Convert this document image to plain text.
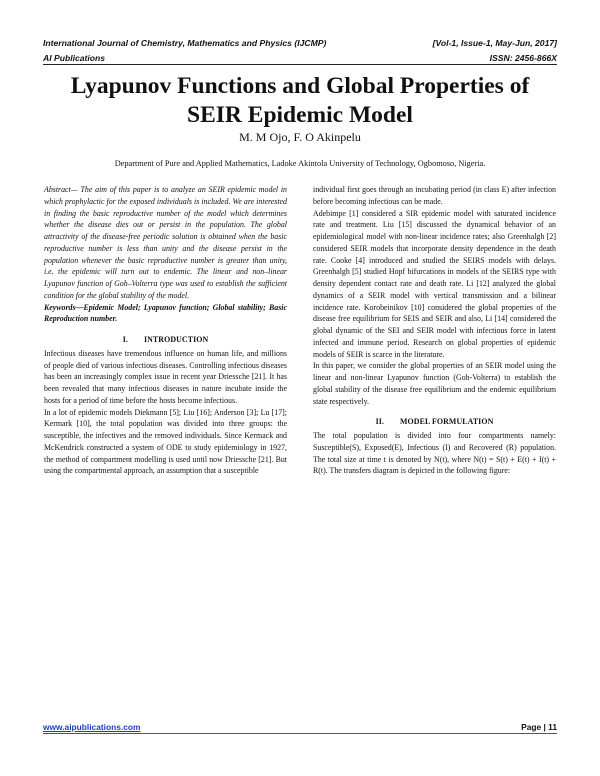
International Journal of Chemistry, Mathematics and Physics (IJCMP)	[Vol-1, Issue-1, May-Jun, 2017]
AI Publications	ISSN: 2456-866X
Lyapunov Functions and Global Properties of
SEIR Epidemic Model
M. M Ojo, F. O Akinpelu
Department of Pure and Applied Mathematics, Ladoke Akintola University of Technology, Ogbomoso, Nigeria.

Abstract— The aim of this paper is to analyze an SEIR epidemic model in which prophylactic for the exposed individuals is included. We are interested in finding the basic reproductive number of the model which determines whether the disease dies out or persist in the population. The global attractivity of the disease-free periodic solution is obtained when the basic reproductive number is less than unity and the disease persist in the population whenever the basic reproductive number is greater than unity, i.e. the epidemic will turn out to endemic. The linear and non–linear Lyapunov function of Goh–Volterra type was used to establish the sufficient condition for the global stability of the model.

Keywords—Epidemic Model; Lyapunov function; Global stability; Basic Reproduction number.

I. INTRODUCTION

Infectious diseases have tremendous influence on human life, and millions of people died of various infectious diseases. Controlling infectious diseases has been an increasingly complex issue in recent year Driessche [21]. It has been revealed that many infectious diseases in nature incubate inside the hosts for a period of time before the hosts become infectious.

In a lot of epidemic models Diekmann [5]; Liu [16]; Anderson [3]; Lu [17]; Kermark [10], the total population was divided into three groups: the susceptible, the infectives and the removed individuals. Since Kermack and McKendrick constructed a system of ODE to study epidemiology in 1927, the method of compartment modelling is used until now Driessche [21]. But using the compartmental approach, an assumption that a susceptible

individual first goes through an incubating period (in class E) after infection before becoming infectious can be made.

Adebimpe [1] considered a SIR epidemic model with saturated incidence rate and treatment. Liu [15] discussed the dynamical behavior of an epidemiological model with non-linear incidence rates; also Greenhalgh [2] considered SEIR models that incorporate density dependence in the death rate. Cooke [4] introduced and studied the SEIRS models with delays. Greenhalgh [5] studied Hopf bifurcations in models of the SEIRS type with density dependent contact rate and death rate. Li [12] analyzed the global dynamics of a SEIR model with vertical transmission and a bilinear incidence rate. Korobeinikov [10] considered the global properties of the disease free equilibrium for SEIS and SEIR and also, Li [14] considered the global dynamic of the SEI and SEIR model with infectious force in latent infected and immune period. Research on global properties of epidemic models of SEIR is scarce in the literature.

In this paper, we consider the global properties of an SEIR model using the linear and non-linear Lyapunov function (Goh-Volterra) to establish the global stability of the disease free equilibrium and the endemic equilibrium state respectively.

II. MODEL FORMULATION

The total population is divided into four compartments namely: Susceptible(S), Exposed(E), Infectious (I) and Recovered (R) population. The total size at time t is denoted by N(t), where N(t) = S(t) + E(t) + I(t) + R(t). The transfers diagram is depicted in the following figure:

www.aipublications.com	Page | 11
